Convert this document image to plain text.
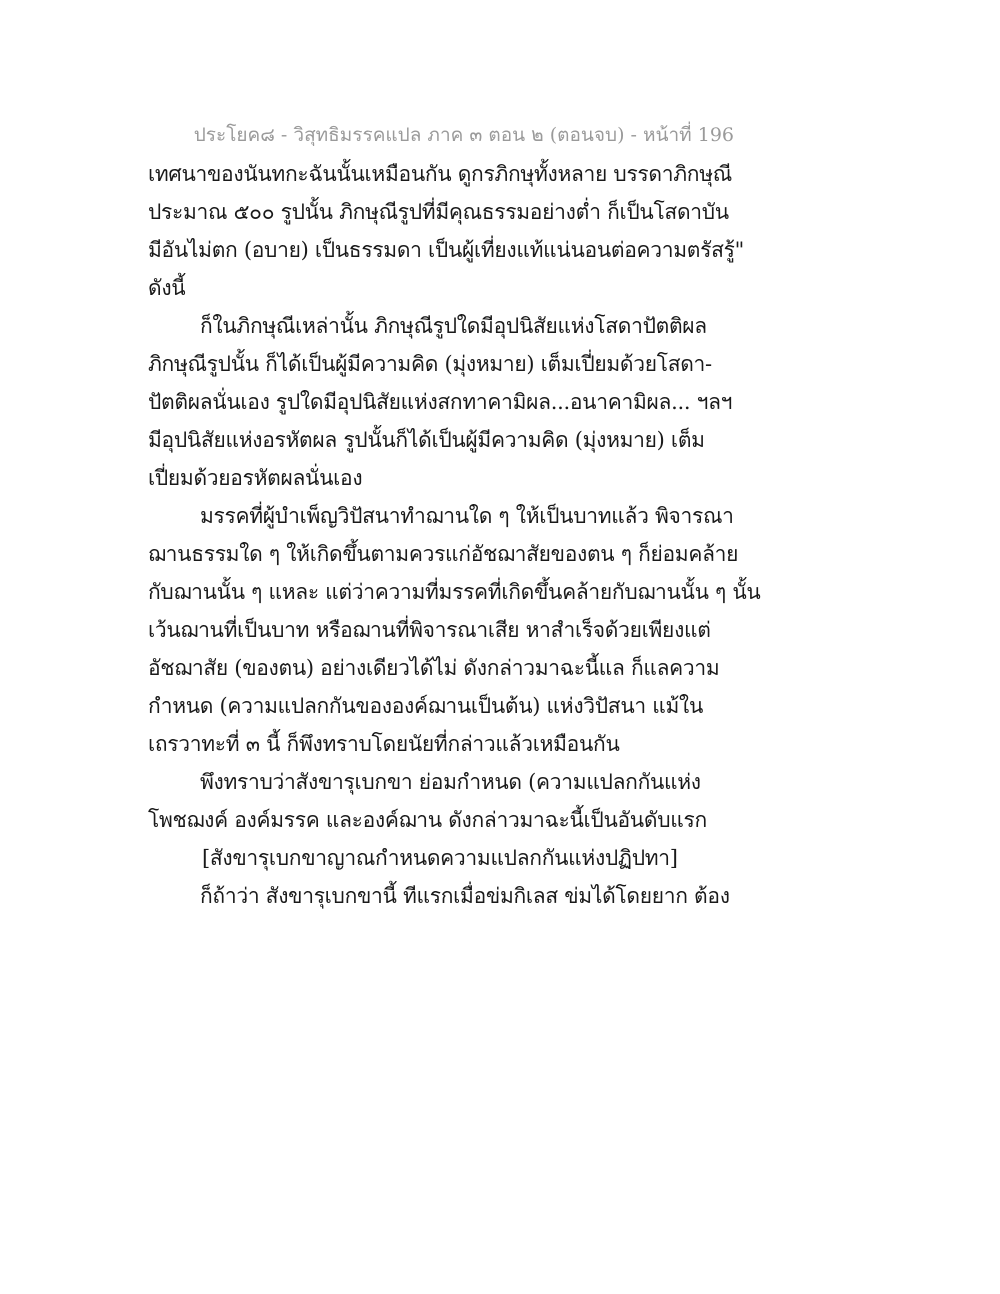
ประโยค๘ - วิสุทธิมรรคแปล ภาค ๓ ตอน ๒ (ตอนจบ) - หน้าที่ 196
เทศนาของนันทกะฉันนั้นเหมือนกัน ดูกรภิกษุทั้งหลาย บรรดาภิกษุณี
ประมาณ ๕๐๐ รูปนั้น ภิกษุณีรูปที่มีคุณธรรมอย่างต่ำ ก็เป็นโสดาบัน
มีอันไม่ตก (อบาย) เป็นธรรมดา เป็นผู้เที่ยงแท้แน่นอนต่อความตรัสรู้"
ดังนี้
ก็ในภิกษุณีเหล่านั้น ภิกษุณีรูปใดมีอุปนิสัยแห่งโสดาปัตติผล
ภิกษุณีรูปนั้น ก็ได้เป็นผู้มีความคิด (มุ่งหมาย) เต็มเปี่ยมด้วยโสดา-
ปัตติผลนั่นเอง รูปใดมีอุปนิสัยแห่งสกทาคามิผล...อนาคามิผล... ฯลฯ
มีอุปนิสัยแห่งอรหัตผล รูปนั้นก็ได้เป็นผู้มีความคิด (มุ่งหมาย) เต็ม
เปี่ยมด้วยอรหัตผลนั่นเอง
มรรคที่ผู้บำเพ็ญวิปัสนาทำฌานใด ๆ ให้เป็นบาทแล้ว พิจารณา
ฌานธรรมใด ๆ ให้เกิดขึ้นตามควรแก่อัชฌาสัยของตน ๆ ก็ย่อมคล้าย
กับฌานนั้น ๆ แหละ แต่ว่าความที่มรรคที่เกิดขึ้นคล้ายกับฌานนั้น ๆ นั้น
เว้นฌานที่เป็นบาท หรือฌานที่พิจารณาเสีย หาสำเร็จด้วยเพียงแต่
อัชฌาสัย (ของตน) อย่างเดียวได้ไม่ ดังกล่าวมาฉะนี้แล ก็แลความ
กำหนด (ความแปลกกันขององค์ฌานเป็นต้น) แห่งวิปัสนา แม้ใน
เถรวาทะที่ ๓ นี้ ก็พึงทราบโดยนัยที่กล่าวแล้วเหมือนกัน
พึงทราบว่าสังขารุเบกขา ย่อมกำหนด (ความแปลกกันแห่ง
โพชฌงค์ องค์มรรค และองค์ฌาน ดังกล่าวมาฉะนี้เป็นอันดับแรก
[สังขารุเบกขาญาณกำหนดความแปลกกันแห่งปฏิปทา]
ก็ถ้าว่า สังขารุเบกขานี้ ทีแรกเมื่อข่มกิเลส ข่มได้โดยยาก ต้อง
